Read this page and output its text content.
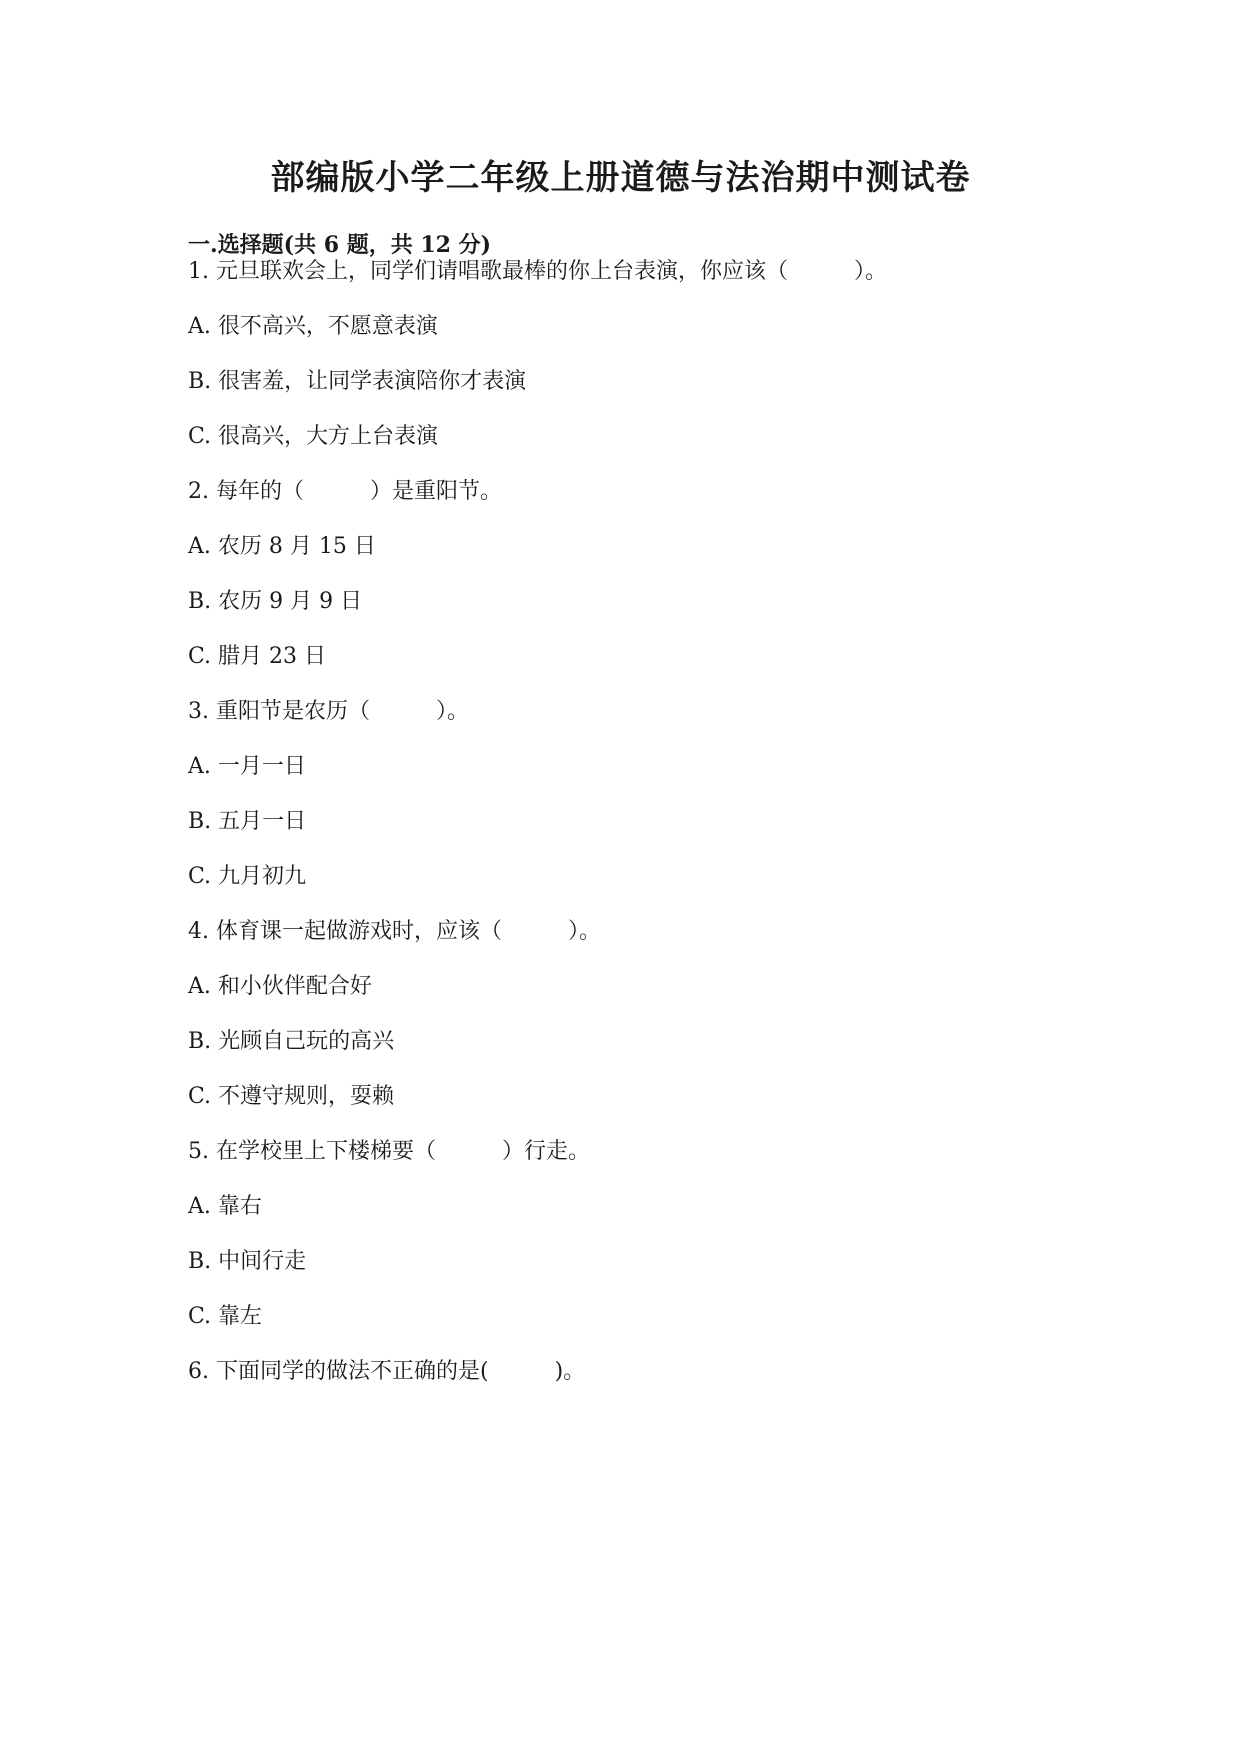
部编版小学二年级上册道德与法治期中测试卷
一.选择题(共 6 题，共 12 分)
1. 元旦联欢会上，同学们请唱歌最棒的你上台表演，你应该（　　　）。
A. 很不高兴，不愿意表演
B. 很害羞，让同学表演陪你才表演
C. 很高兴，大方上台表演
2. 每年的（　　　）是重阳节。
A. 农历 8 月 15 日
B. 农历 9 月 9 日
C. 腊月 23 日
3. 重阳节是农历（　　　）。
A. 一月一日
B. 五月一日
C. 九月初九
4. 体育课一起做游戏时，应该（　　　）。
A. 和小伙伴配合好
B. 光顾自己玩的高兴
C. 不遵守规则，耍赖
5. 在学校里上下楼梯要（　　　）行走。
A. 靠右
B. 中间行走
C. 靠左
6. 下面同学的做法不正确的是(　　　)。
